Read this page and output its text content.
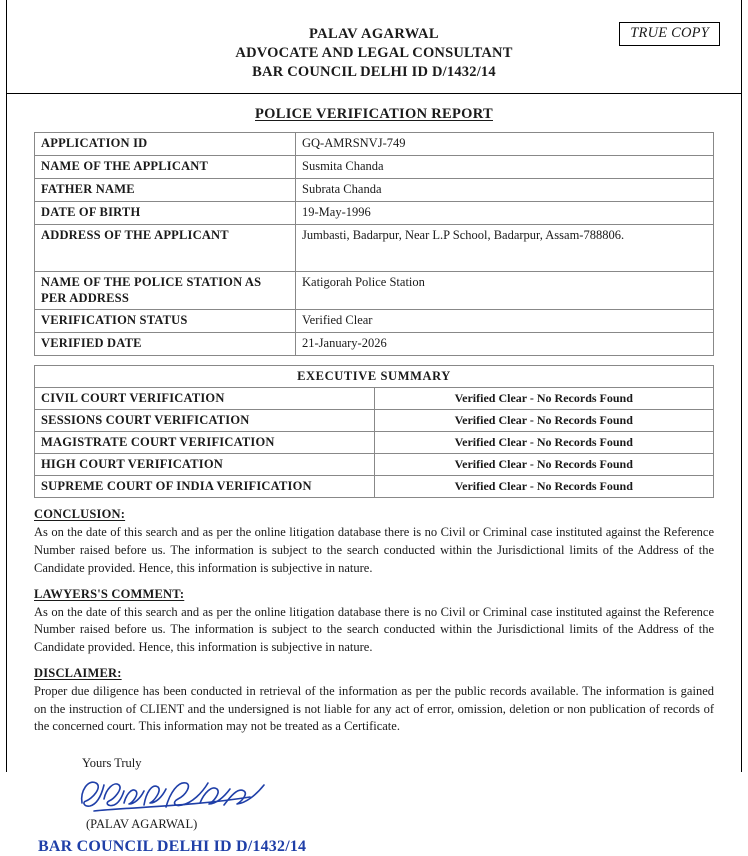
TRUE COPY
PALAV AGARWAL
ADVOCATE AND LEGAL CONSULTANT
BAR COUNCIL DELHI ID D/1432/14
POLICE VERIFICATION REPORT
APPLICATION ID	GQ-AMRSNVJ-749
NAME OF THE APPLICANT	Susmita Chanda
FATHER NAME	Subrata Chanda
DATE OF BIRTH	19-May-1996
ADDRESS OF THE APPLICANT	Jumbasti, Badarpur, Near L.P School, Badarpur, Assam-788806.
NAME OF THE POLICE STATION AS PER ADDRESS	Katigorah Police Station
VERIFICATION STATUS	Verified Clear
VERIFIED DATE	21-January-2026
EXECUTIVE SUMMARY	
CIVIL COURT VERIFICATION	Verified Clear - No Records Found
SESSIONS COURT VERIFICATION	Verified Clear - No Records Found
MAGISTRATE COURT VERIFICATION	Verified Clear - No Records Found
HIGH COURT VERIFICATION	Verified Clear - No Records Found
SUPREME COURT OF INDIA VERIFICATION	Verified Clear - No Records Found
CONCLUSION:

As on the date of this search and as per the online litigation database there is no Civil or Criminal case instituted against the Reference Number raised before us. The information is subject to the search conducted within the Jurisdictional limits of the Address of the Candidate provided. Hence, this information is subjective in nature.

LAWYERS'S COMMENT:

As on the date of this search and as per the online litigation database there is no Civil or Criminal case instituted against the Reference Number raised before us. The information is subject to the search conducted within the Jurisdictional limits of the Address of the Candidate provided. Hence, this information is subjective in nature.

DISCLAIMER:

Proper due diligence has been conducted in retrieval of the information as per the public records available. The information is gained on the instruction of CLIENT and the undersigned is not liable for any act of error, omission, deletion or non publication of records of the concerned court. This information may not be treated as a Certificate.

Yours Truly
(PALAV AGARWAL)
BAR COUNCIL DELHI ID D/1432/14
